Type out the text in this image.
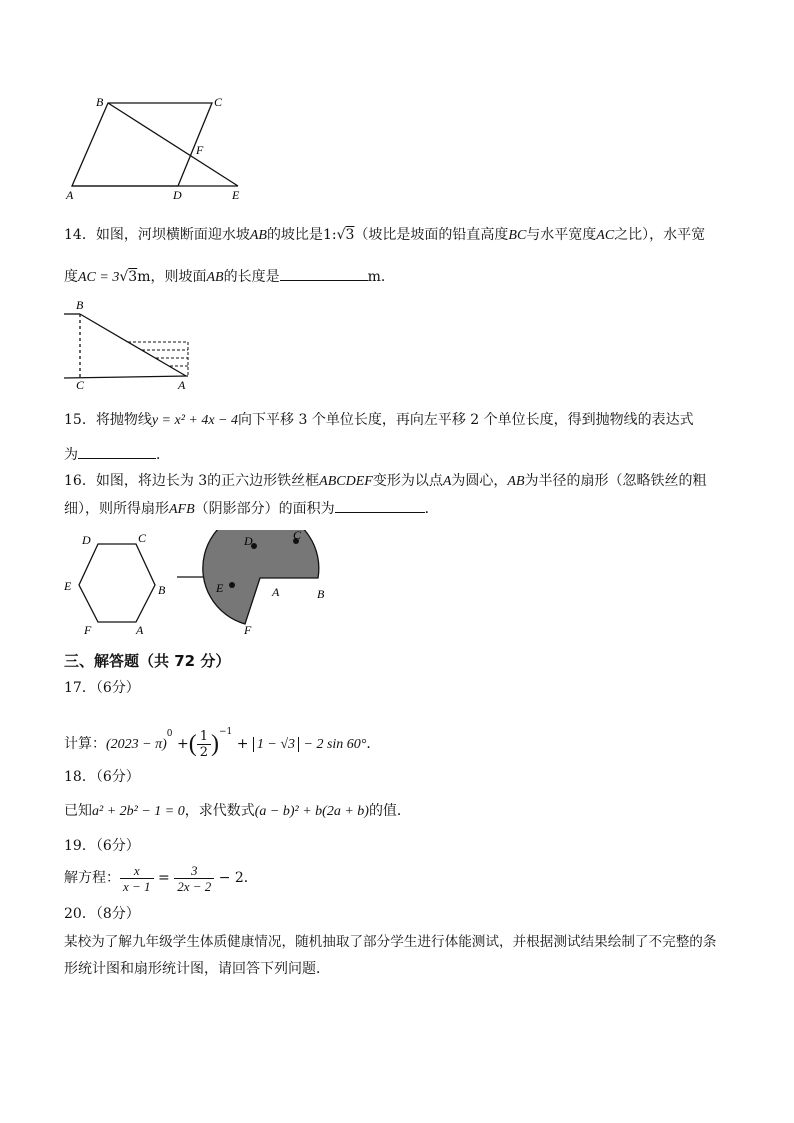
B	C
F
A	D	E
14．如图，河坝横断面迎水坡AB的坡比是1:√3（坡比是坡面的铅直高度BC与水平宽度AC之比），水平宽
度AC = 3√3m，则坡面AB的长度是	m．
B
C	A
15．将抛物线y = x² + 4x − 4向下平移 3 个单位长度，再向左平移 2 个单位长度，得到抛物线的表达式
为	．
16．如图，将边长为 3的正六边形铁丝框ABCDEF变形为以点A为圆心，AB为半径的扇形（忽略铁丝的粗
细），则所得扇形AFB（阴影部分）的面积为	．
D	C
E	B
F	A
D	C
E	A	B
F
三、解答题（共 72 分）
17．（6分）
计算：$(2023 - \pi)^0$ +( $\frac{1}{2} )^{-1} + 1 - √3 - 2$ sin 60°．
18．（6分）
已知a² + 2b² − 1 = 0，求代数式(a − b)² + b(2a + b)的值．
19．（6分）
解方程： $\frac{x}{x - 1} = \frac{3}{2x - 2} - 2$．
20．（8分）
某校为了解九年级学生体质健康情况，随机抽取了部分学生进行体能测试，并根据测试结果绘制了不完整的条
形统计图和扇形统计图，请回答下列问题．
